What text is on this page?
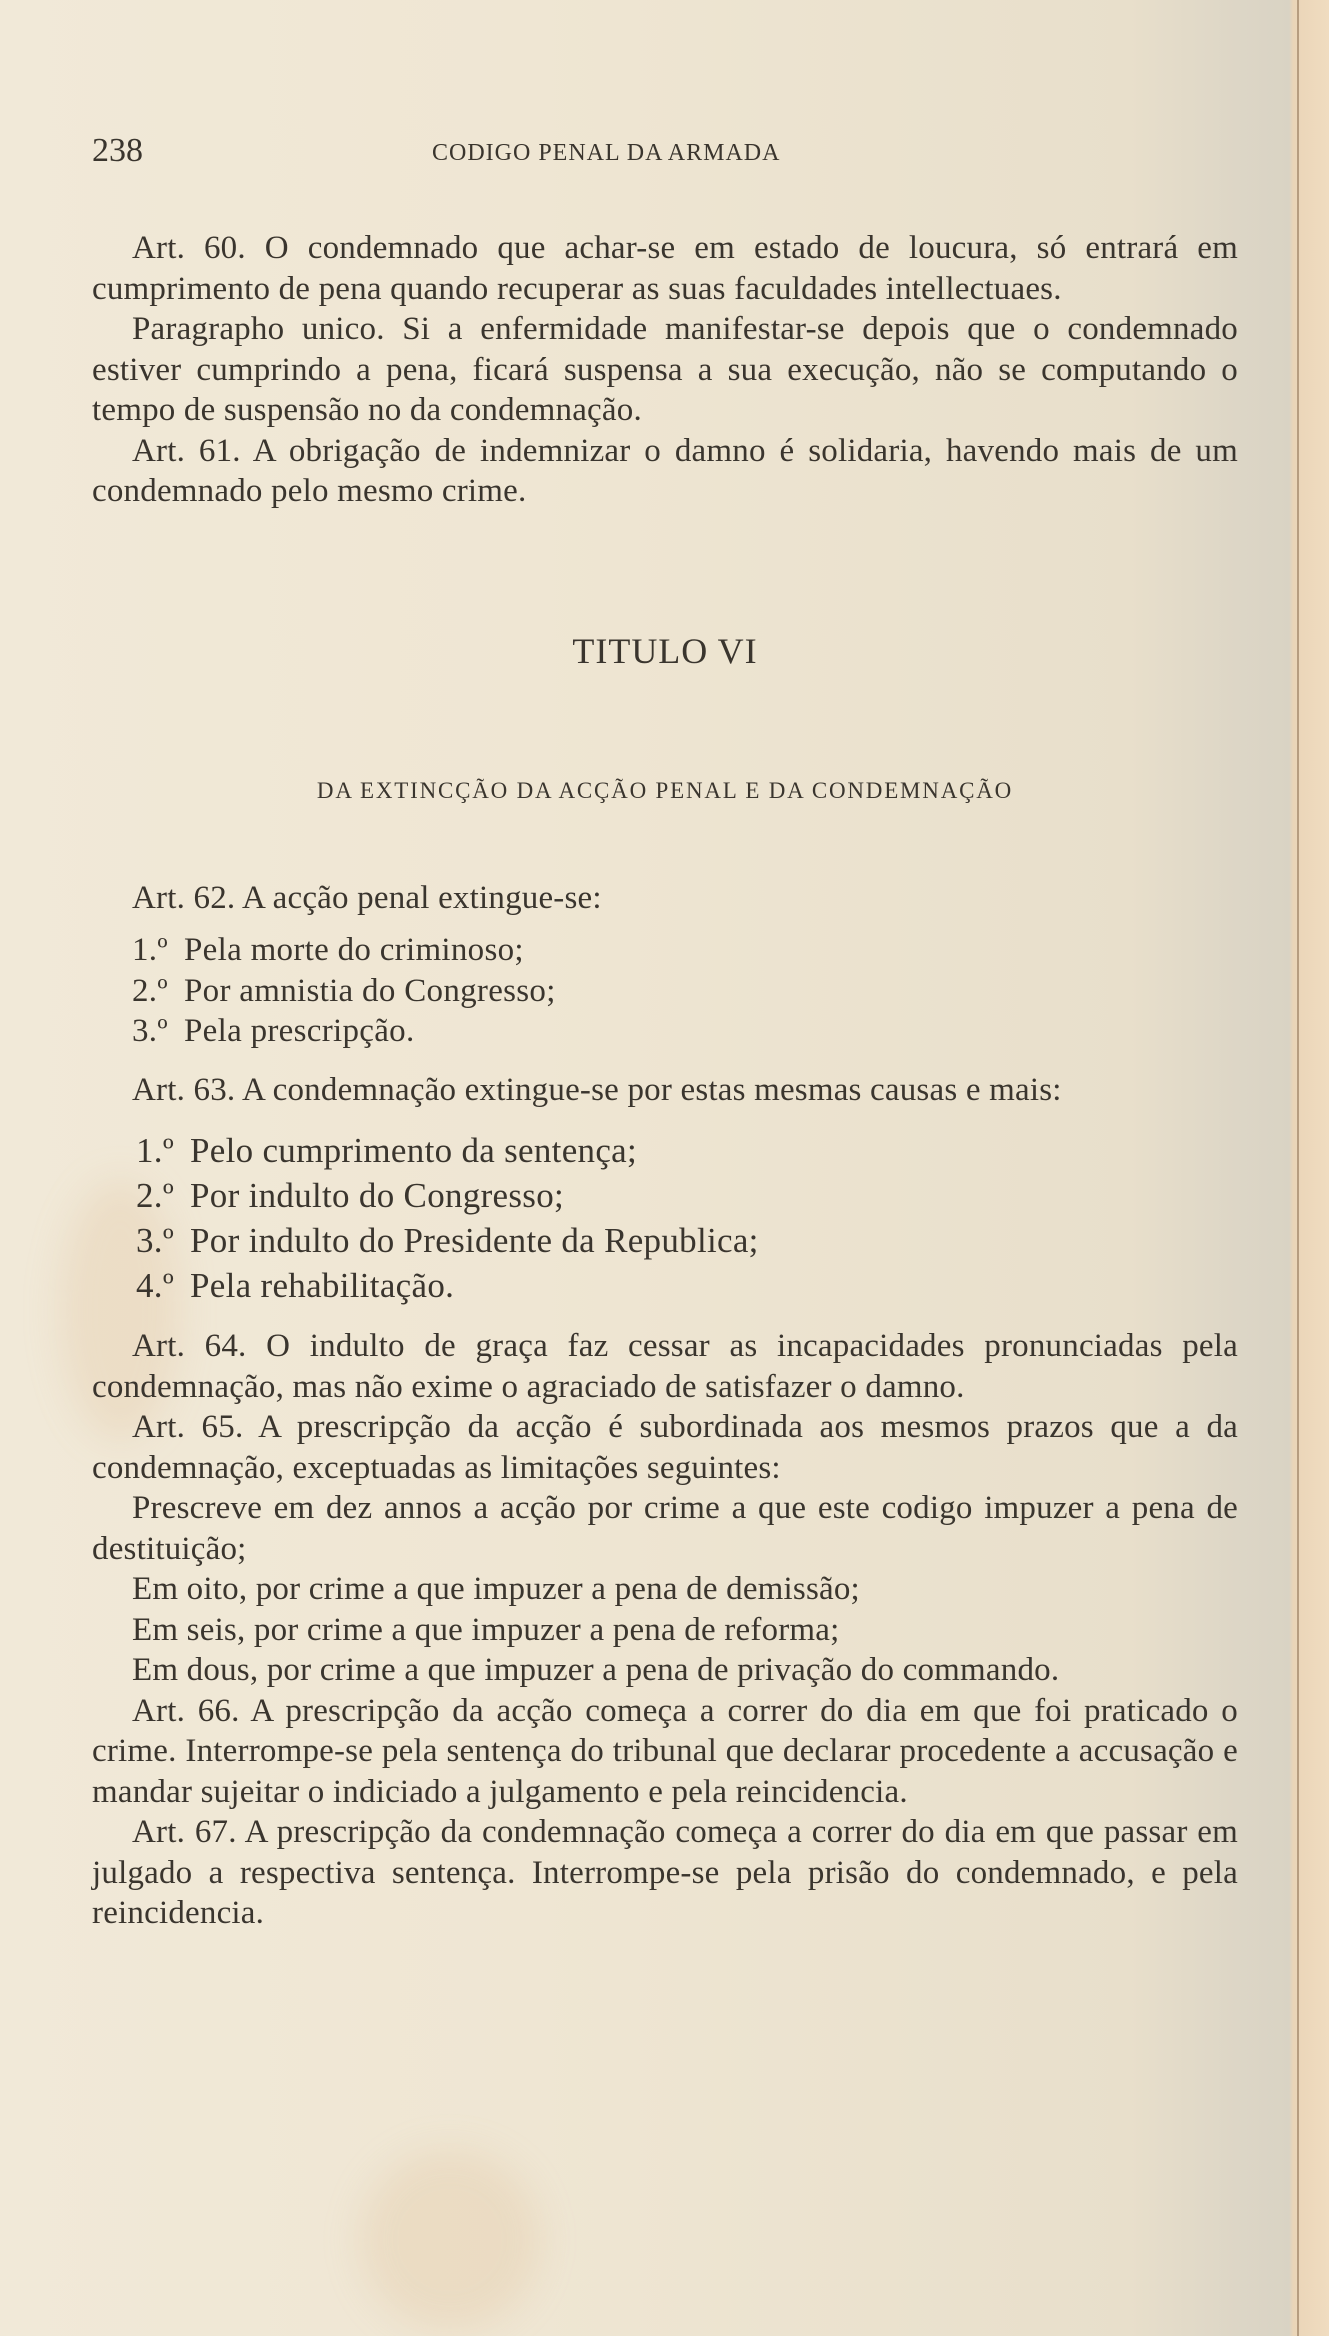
238	CODIGO PENAL DA ARMADA

Art. 60. O condemnado que achar-se em estado de loucura, só entrará em cumprimento de pena quando recuperar as suas faculdades intellectuaes.

Paragrapho unico. Si a enfermidade manifestar-se depois que o condemnado estiver cumprindo a pena, ficará suspensa a sua execução, não se computando o tempo de suspensão no da condemnação.

Art. 61. A obrigação de indemnizar o damno é solidaria, havendo mais de um condemnado pelo mesmo crime.

TITULO VI
DA EXTINCÇÃO DA ACÇÃO PENAL E DA CONDEMNAÇÃO

Art. 62. A acção penal extingue-se:

1.º Pela morte do criminoso;
2.º Por amnistia do Congresso;
3.º Pela prescripção.

Art. 63. A condemnação extingue-se por estas mesmas causas e mais:

1.º Pelo cumprimento da sentença;
2.º Por indulto do Congresso;
3.º Por indulto do Presidente da Republica;
4.º Pela rehabilitação.

Art. 64. O indulto de graça faz cessar as incapacidades pronunciadas pela condemnação, mas não exime o agraciado de satisfazer o damno.

Art. 65. A prescripção da acção é subordinada aos mesmos prazos que a da condemnação, exceptuadas as limitações seguintes:

Prescreve em dez annos a acção por crime a que este codigo impuzer a pena de destituição;

Em oito, por crime a que impuzer a pena de demissão;

Em seis, por crime a que impuzer a pena de reforma;

Em dous, por crime a que impuzer a pena de privação do commando.

Art. 66. A prescripção da acção começa a correr do dia em que foi praticado o crime. Interrompe-se pela sentença do tribunal que declarar procedente a accusação e mandar sujeitar o indiciado a julgamento e pela reincidencia.

Art. 67. A prescripção da condemnação começa a correr do dia em que passar em julgado a respectiva sentença. Interrompe-se pela prisão do condemnado, e pela reincidencia.
